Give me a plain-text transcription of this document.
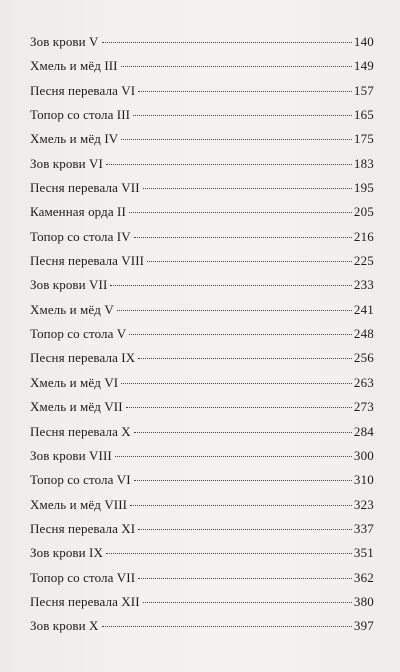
Зов крови V	140
Хмель и мёд III	149
Песня перевала VI	157
Топор со стола III	165
Хмель и мёд IV	175
Зов крови VI	183
Песня перевала VII	195
Каменная орда II	205
Топор со стола IV	216
Песня перевала VIII	225
Зов крови VII	233
Хмель и мёд V	241
Топор со стола V	248
Песня перевала IX	256
Хмель и мёд VI	263
Хмель и мёд VII	273
Песня перевала X	284
Зов крови VIII	300
Топор со стола VI	310
Хмель и мёд VIII	323
Песня перевала XI	337
Зов крови IX	351
Топор со стола VII	362
Песня перевала XII	380
Зов крови X	397
